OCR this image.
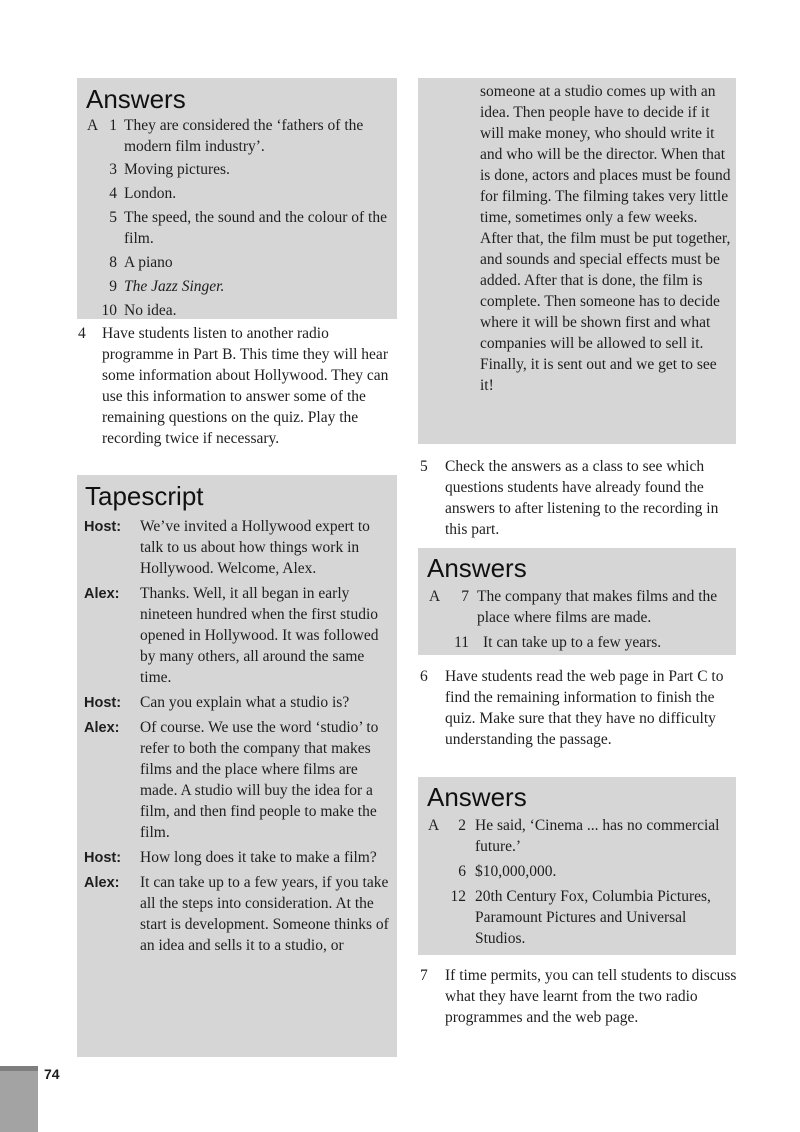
Answers
A 1 They are considered the ‘fathers of the modern film industry’.
3 Moving pictures.
4 London.
5 The speed, the sound and the colour of the film.
8 A piano
9 The Jazz Singer.
10 No idea.
4 Have students listen to another radio programme in Part B. This time they will hear some information about Hollywood. They can use this information to answer some of the remaining questions on the quiz. Play the recording twice if necessary.
Tapescript
Host: We’ve invited a Hollywood expert to talk to us about how things work in Hollywood. Welcome, Alex.
Alex: Thanks. Well, it all began in early nineteen hundred when the first studio opened in Hollywood. It was followed by many others, all around the same time.
Host: Can you explain what a studio is?
Alex: Of course. We use the word ‘studio’ to refer to both the company that makes films and the place where films are made. A studio will buy the idea for a film, and then find people to make the film.
Host: How long does it take to make a film?
Alex: It can take up to a few years, if you take all the steps into consideration. At the start is development. Someone thinks of an idea and sells it to a studio, or
someone at a studio comes up with an idea. Then people have to decide if it will make money, who should write it and who will be the director. When that is done, actors and places must be found for filming. The filming takes very little time, sometimes only a few weeks. After that, the film must be put together, and sounds and special effects must be added. After that is done, the film is complete. Then someone has to decide where it will be shown first and what companies will be allowed to sell it. Finally, it is sent out and we get to see it!
5 Check the answers as a class to see which questions students have already found the answers to after listening to the recording in this part.
Answers
A	7 The company that makes films and the place where films are made.
11 It can take up to a few years.
6 Have students read the web page in Part C to find the remaining information to finish the quiz. Make sure that they have no difficulty understanding the passage.
Answers
A	2 He said, ‘Cinema ... has no commercial future.’
6 $10,000,000.
12 20th Century Fox, Columbia Pictures, Paramount Pictures and Universal Studios.
7 If time permits, you can tell students to discuss what they have learnt from the two radio programmes and the web page.
74
